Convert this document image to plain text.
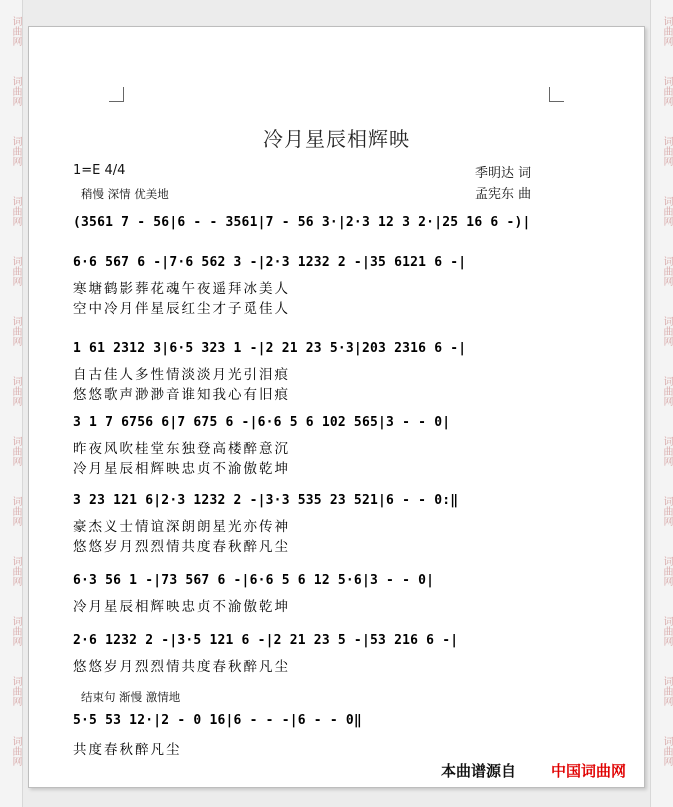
词曲网
词曲网
词曲网
词曲网
词曲网
词曲网
词曲网
词曲网
词曲网
词曲网
词曲网
词曲网
词曲网
词曲网
词曲网
词曲网
词曲网
词曲网
词曲网
词曲网
词曲网
词曲网
词曲网
词曲网
词曲网
词曲网
冷月星辰相辉映
1=E 4/4
稍慢 深情 优美地
季明达 词
孟宪东 曲
(3561 7 - 56|6 - - 3561|7 - 56 3·|2·3 12 3 2·|25 16 6 -)|
6·6 567 6 -|7·6 562 3 -|2·3 1232 2 -|35 6121 6 -|
寒塘鹤影葬花魂午夜遥拜冰美人
空中冷月伴星辰红尘才子觅佳人
1 61 2312 3|6·5 323 1 -|2 21 23 5·3|203 2316 6 -|
自古佳人多性情淡淡月光引泪痕
悠悠歌声渺渺音谁知我心有旧痕
3 1 7 6756 6|7 675 6 -|6·6 5 6 102 565|3 - - 0|
昨夜风吹桂堂东独登高楼醉意沉
冷月星辰相辉映忠贞不渝傲乾坤
3 23 121 6|2·3 1232 2 -|3·3 535 23 521|6 - - 0:‖
豪杰义士情谊深朗朗星光亦传神
悠悠岁月烈烈情共度春秋醉凡尘
6·3 56 1 -|73 567 6 -|6·6 5 6 12 5·6|3 - - 0|
冷月星辰相辉映忠贞不渝傲乾坤
2·6 1232 2 -|3·5 121 6 -|2 21 23 5 -|53 216 6 -|
悠悠岁月烈烈情共度春秋醉凡尘
结束句 渐慢 激情地
5·5 53 12·|2 - 0 16|6 - - -|6 - - 0‖
共度春秋醉凡尘
本曲谱源自 中国词曲网
